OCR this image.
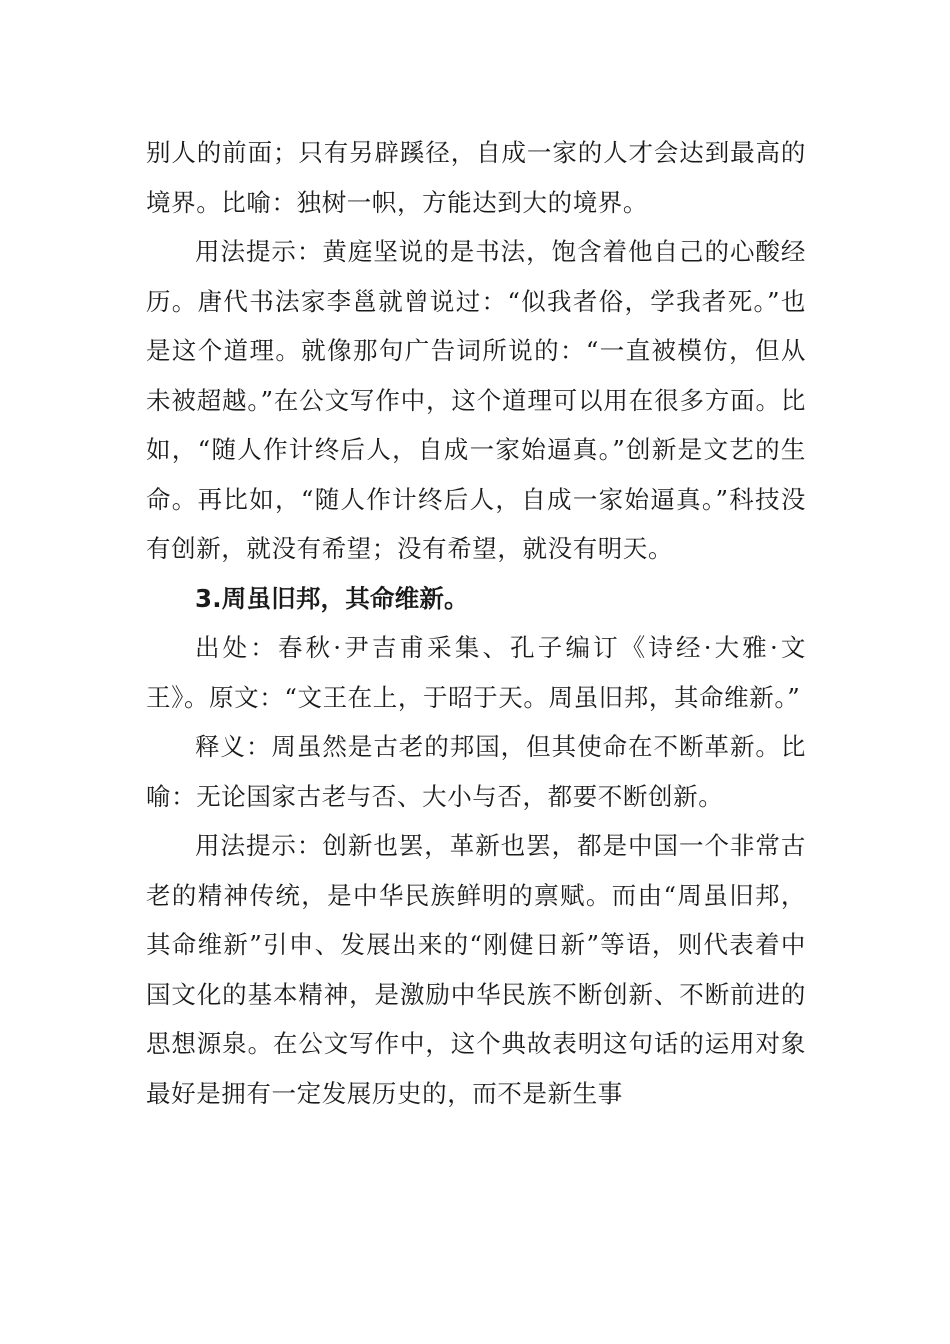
别人的前面；只有另辟蹊径，自成一家的人才会达到最高的境界。比喻：独树一帜，方能达到大的境界。

用法提示：黄庭坚说的是书法，饱含着他自己的心酸经历。唐代书法家李邕就曾说过：“似我者俗，学我者死。”也是这个道理。就像那句广告词所说的：“一直被模仿，但从未被超越。”在公文写作中，这个道理可以用在很多方面。比如，“随人作计终后人，自成一家始逼真。”创新是文艺的生命。再比如，“随人作计终后人，自成一家始逼真。”科技没有创新，就没有希望；没有希望，就没有明天。

3.周虽旧邦，其命维新。

出处：春秋·尹吉甫采集、孔子编订《诗经·大雅·文王》。原文：“文王在上，于昭于天。周虽旧邦，其命维新。”

释义：周虽然是古老的邦国，但其使命在不断革新。比喻：无论国家古老与否、大小与否，都要不断创新。

用法提示：创新也罢，革新也罢，都是中国一个非常古老的精神传统，是中华民族鲜明的禀赋。而由“周虽旧邦，其命维新”引申、发展出来的“刚健日新”等语，则代表着中国文化的基本精神，是激励中华民族不断创新、不断前进的思想源泉。在公文写作中，这个典故表明这句话的运用对象最好是拥有一定发展历史的，而不是新生事
